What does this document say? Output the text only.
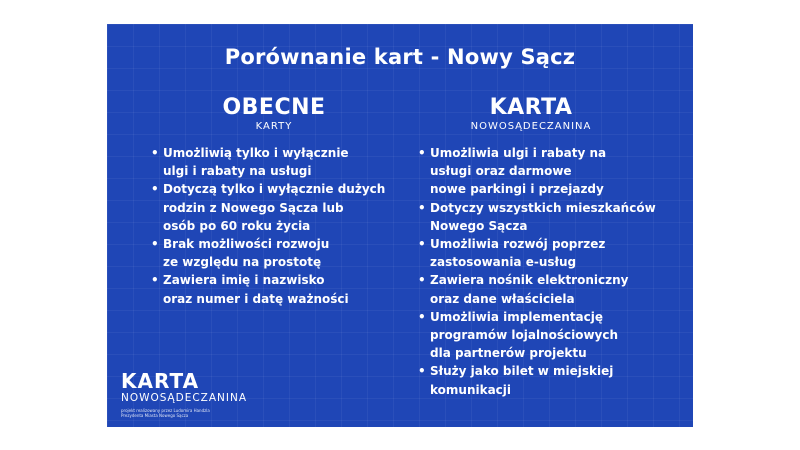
Porównanie kart - Nowy Sącz
OBECNE
KARTY
KARTA
NOWOSĄDECZANINA
• Umożliwią tylko i wyłącznie
ulgi i rabaty na usługi
• Dotyczą tylko i wyłącznie dużych
rodzin z Nowego Sącza lub
osób po 60 roku życia
• Brak możliwości rozwoju
ze względu na prostotę
• Zawiera imię i nazwisko
oraz numer i datę ważności
• Umożliwia ulgi i rabaty na
usługi oraz darmowe
nowe parkingi i przejazdy
• Dotyczy wszystkich mieszkańców
Nowego Sącza
• Umożliwia rozwój poprzez
zastosowania e-usług
• Zawiera nośnik elektroniczny
oraz dane właściciela
• Umożliwia implementację
programów lojalnościowych
dla partnerów projektu
• Służy jako bilet w miejskiej
komunikacji
KARTA
NOWOSĄDECZANINA
projekt realizowany przez Ludomira Handzla
Prezydenta Miasta Nowego Sącza
